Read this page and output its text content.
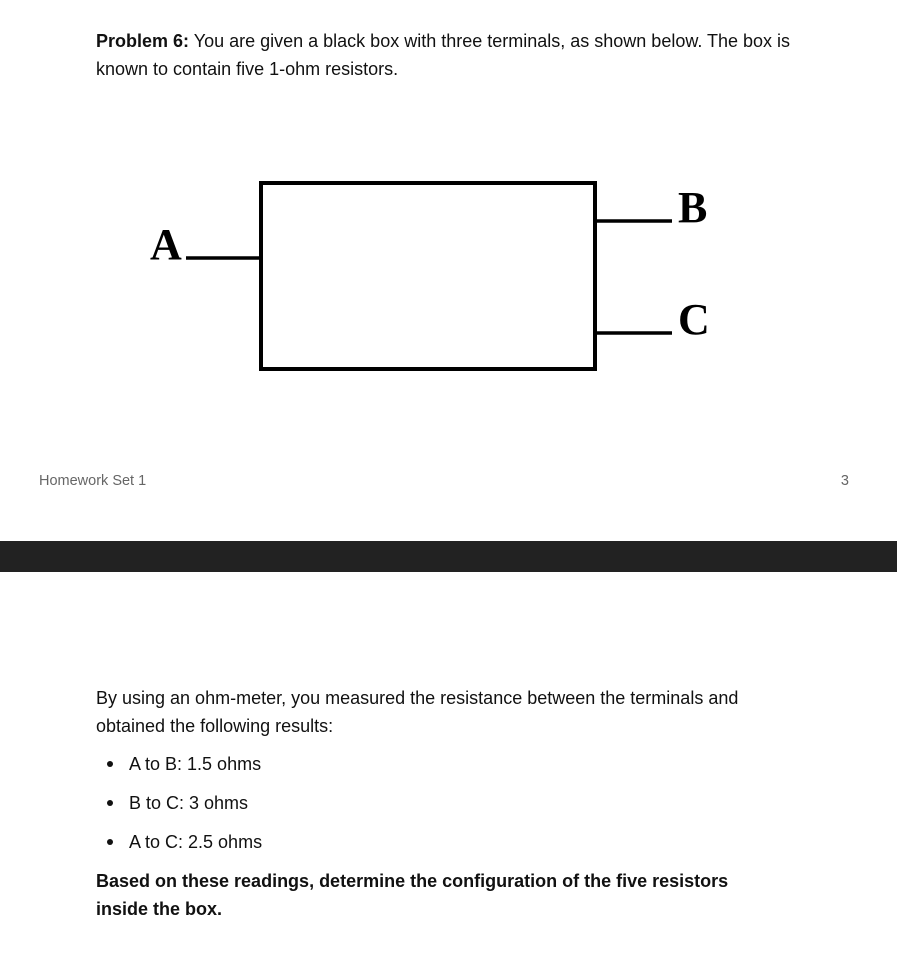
Problem 6: You are given a black box with three terminals, as shown below. The box is known to contain five 1-ohm resistors.

A
B
C
Homework Set 1	3

By using an ohm-meter, you measured the resistance between the terminals and obtained the following results:

A to B: 1.5 ohms
B to C: 3 ohms
A to C: 2.5 ohms

Based on these readings, determine the configuration of the five resistors inside the box.
